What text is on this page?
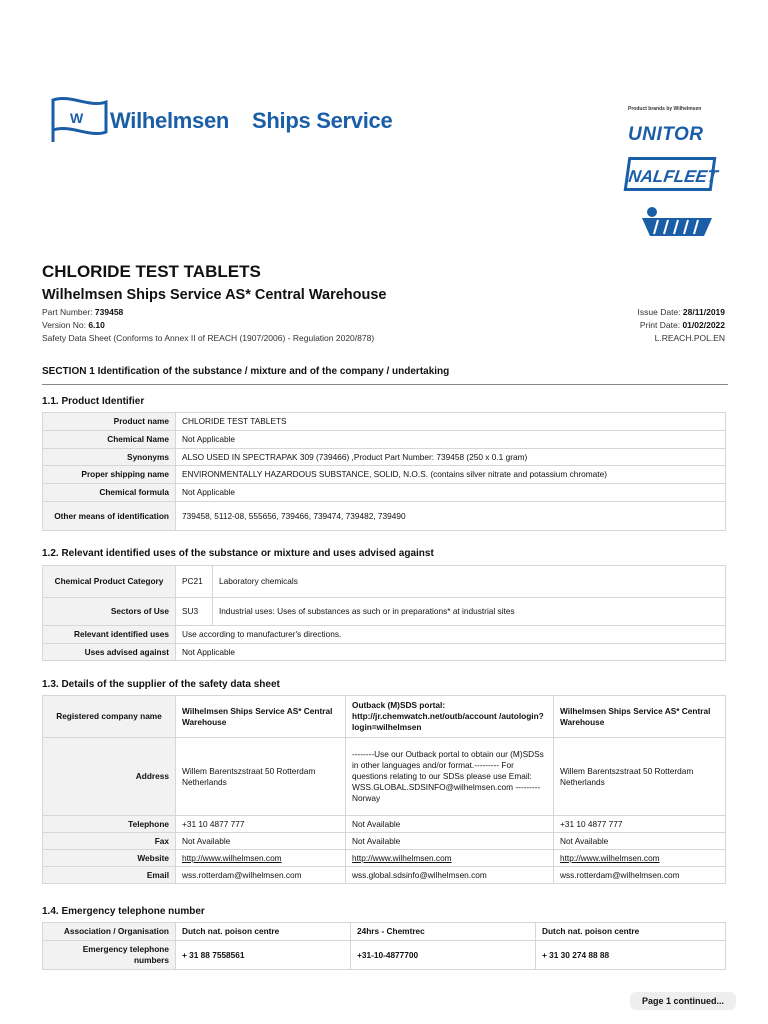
W Wilhelmsen Ships Service	Product brands by Wilhelmsen
UNITOR
NALFLEET
CHLORIDE TEST TABLETS
Wilhelmsen Ships Service AS* Central Warehouse
Part Number: 739458
Version No: 6.10
Safety Data Sheet (Conforms to Annex II of REACH (1907/2006) - Regulation 2020/878)
Issue Date: 28/11/2019
Print Date: 01/02/2022
L.REACH.POL.EN
SECTION 1 Identification of the substance / mixture and of the company / undertaking
1.1. Product Identifier
Product name	CHLORIDE TEST TABLETS
Chemical Name	Not Applicable
Synonyms	ALSO USED IN SPECTRAPAK 309 (739466) ,Product Part Number: 739458 (250 x 0.1 gram)
Proper shipping name	ENVIRONMENTALLY HAZARDOUS SUBSTANCE, SOLID, N.O.S. (contains silver nitrate and potassium chromate)
Chemical formula	Not Applicable
Other means of identification	739458, 5112-08, 555656, 739466, 739474, 739482, 739490
1.2. Relevant identified uses of the substance or mixture and uses advised against
Chemical Product Category	PC21	Laboratory chemicals
Sectors of Use	SU3	Industrial uses: Uses of substances as such or in preparations* at industrial sites
Relevant identified uses	Use according to manufacturer's directions.	
Uses advised against	Not Applicable	
1.3. Details of the supplier of the safety data sheet
Registered company name	Wilhelmsen Ships Service AS* Central Warehouse	Outback (M)SDS portal: http://jr.chemwatch.net/outb/account /autologin?login=wilhelmsen	Wilhelmsen Ships Service AS* Central Warehouse
Address	Willem Barentszstraat 50 Rotterdam Netherlands	--------Use our Outback portal to obtain our (M)SDSs in other languages and/or format.--------- For questions relating to our SDSs please use Email: WSS.GLOBAL.SDSINFO@wilhelmsen.com --------- Norway	Willem Barentszstraat 50 Rotterdam Netherlands
Telephone	+31 10 4877 777	Not Available	+31 10 4877 777
Fax	Not Available	Not Available	Not Available
Website	http://www.wilhelmsen.com	http://www.wilhelmsen.com	http://www.wilhelmsen.com
Email	wss.rotterdam@wilhelmsen.com	wss.global.sdsinfo@wilhelmsen.com	wss.rotterdam@wilhelmsen.com
1.4. Emergency telephone number
Association / Organisation	Dutch nat. poison centre	24hrs - Chemtrec	Dutch nat. poison centre
Emergency telephone numbers	+ 31 88 7558561	+31-10-4877700	+ 31 30 274 88 88
Page 1 continued...
